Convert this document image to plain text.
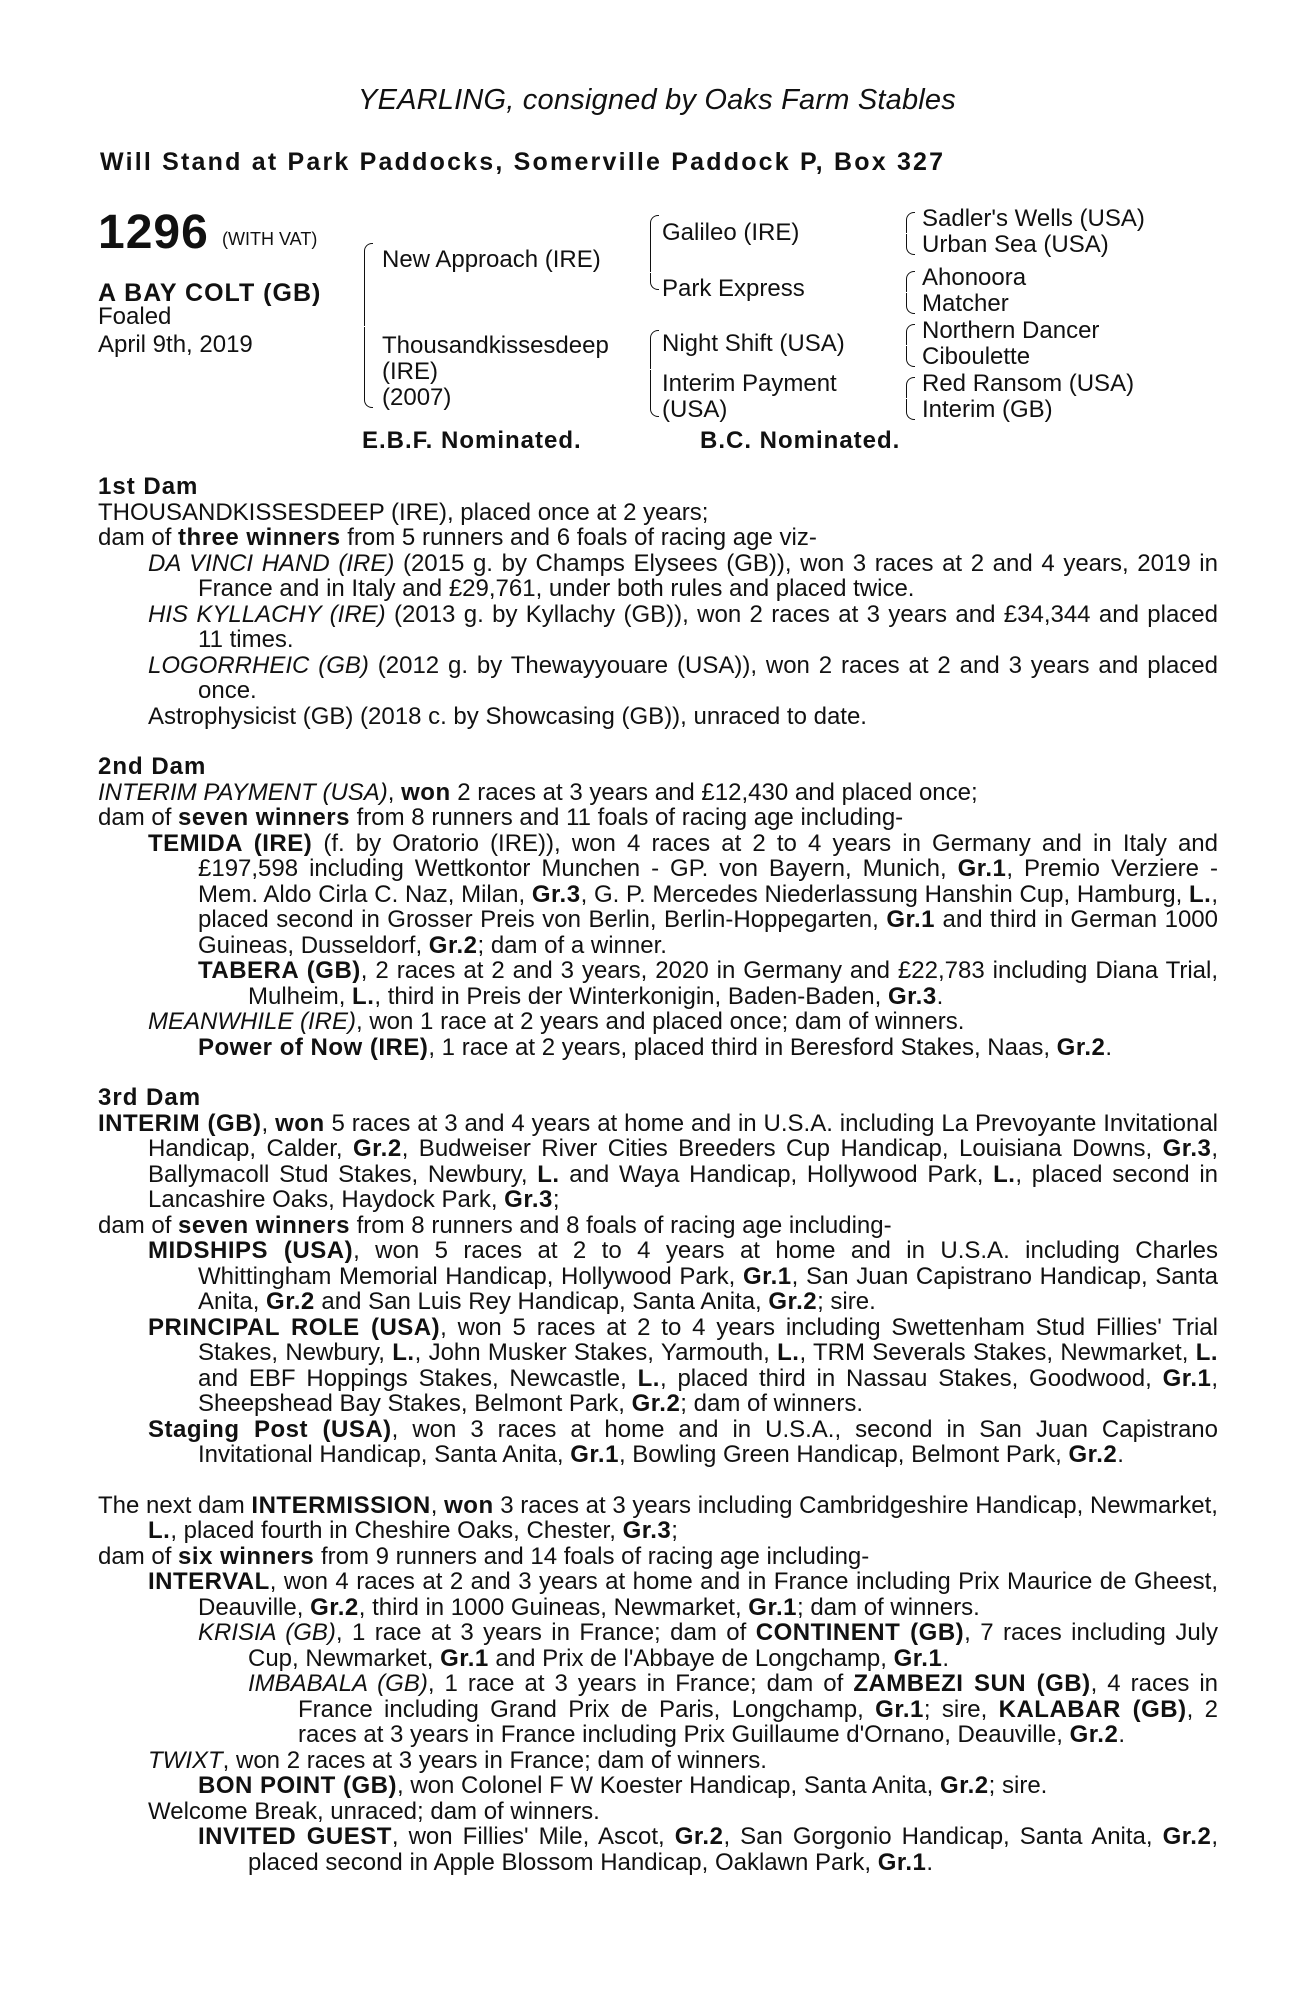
YEARLING, consigned by Oaks Farm Stables
Will Stand at Park Paddocks, Somerville Paddock P, Box 327
1296 (WITH VAT)
A BAY COLT (GB)
Foaled
April 9th, 2019
New Approach (IRE)
Thousandkissesdeep
(IRE)
(2007)
Galileo (IRE)
Park Express
Night Shift (USA)
Interim Payment
(USA)
Sadler's Wells (USA)
Urban Sea (USA)
Ahonoora
Matcher
Northern Dancer
Ciboulette
Red Ransom (USA)
Interim (GB)
E.B.F. Nominated.	B.C. Nominated.
1st Dam

THOUSANDKISSESDEEP (IRE), placed once at 2 years;

dam of three winners from 5 runners and 6 foals of racing age viz-

DA VINCI HAND (IRE) (2015 g. by Champs Elysees (GB)), won 3 races at 2 and 4 years, 2019 in France and in Italy and £29,761, under both rules and placed twice.

HIS KYLLACHY (IRE) (2013 g. by Kyllachy (GB)), won 2 races at 3 years and £34,344 and placed 11 times.

LOGORRHEIC (GB) (2012 g. by Thewayyouare (USA)), won 2 races at 2 and 3 years and placed once.

Astrophysicist (GB) (2018 c. by Showcasing (GB)), unraced to date.

2nd Dam

INTERIM PAYMENT (USA), won 2 races at 3 years and £12,430 and placed once;

dam of seven winners from 8 runners and 11 foals of racing age including-

TEMIDA (IRE) (f. by Oratorio (IRE)), won 4 races at 2 to 4 years in Germany and in Italy and £197,598 including Wettkontor Munchen - GP. von Bayern, Munich, Gr.1, Premio Verziere - Mem. Aldo Cirla C. Naz, Milan, Gr.3, G. P. Mercedes Niederlassung Hanshin Cup, Hamburg, L., placed second in Grosser Preis von Berlin, Berlin-Hoppegarten, Gr.1 and third in German 1000 Guineas, Dusseldorf, Gr.2; dam of a winner.

TABERA (GB), 2 races at 2 and 3 years, 2020 in Germany and £22,783 including Diana Trial, Mulheim, L., third in Preis der Winterkonigin, Baden-Baden, Gr.3.

MEANWHILE (IRE), won 1 race at 2 years and placed once; dam of winners.

Power of Now (IRE), 1 race at 2 years, placed third in Beresford Stakes, Naas, Gr.2.

3rd Dam

INTERIM (GB), won 5 races at 3 and 4 years at home and in U.S.A. including La Prevoyante Invitational Handicap, Calder, Gr.2, Budweiser River Cities Breeders Cup Handicap, Louisiana Downs, Gr.3, Ballymacoll Stud Stakes, Newbury, L. and Waya Handicap, Hollywood Park, L., placed second in Lancashire Oaks, Haydock Park, Gr.3;

dam of seven winners from 8 runners and 8 foals of racing age including-

MIDSHIPS (USA), won 5 races at 2 to 4 years at home and in U.S.A. including Charles Whittingham Memorial Handicap, Hollywood Park, Gr.1, San Juan Capistrano Handicap, Santa Anita, Gr.2 and San Luis Rey Handicap, Santa Anita, Gr.2; sire.

PRINCIPAL ROLE (USA), won 5 races at 2 to 4 years including Swettenham Stud Fillies' Trial Stakes, Newbury, L., John Musker Stakes, Yarmouth, L., TRM Severals Stakes, Newmarket, L. and EBF Hoppings Stakes, Newcastle, L., placed third in Nassau Stakes, Goodwood, Gr.1, Sheepshead Bay Stakes, Belmont Park, Gr.2; dam of winners.

Staging Post (USA), won 3 races at home and in U.S.A., second in San Juan Capistrano Invitational Handicap, Santa Anita, Gr.1, Bowling Green Handicap, Belmont Park, Gr.2.

The next dam INTERMISSION, won 3 races at 3 years including Cambridgeshire Handicap, Newmarket, L., placed fourth in Cheshire Oaks, Chester, Gr.3;

dam of six winners from 9 runners and 14 foals of racing age including-

INTERVAL, won 4 races at 2 and 3 years at home and in France including Prix Maurice de Gheest, Deauville, Gr.2, third in 1000 Guineas, Newmarket, Gr.1; dam of winners.

KRISIA (GB), 1 race at 3 years in France; dam of CONTINENT (GB), 7 races including July Cup, Newmarket, Gr.1 and Prix de l'Abbaye de Longchamp, Gr.1.

IMBABALA (GB), 1 race at 3 years in France; dam of ZAMBEZI SUN (GB), 4 races in France including Grand Prix de Paris, Longchamp, Gr.1; sire, KALABAR (GB), 2 races at 3 years in France including Prix Guillaume d'Ornano, Deauville, Gr.2.

TWIXT, won 2 races at 3 years in France; dam of winners.

BON POINT (GB), won Colonel F W Koester Handicap, Santa Anita, Gr.2; sire.

Welcome Break, unraced; dam of winners.

INVITED GUEST, won Fillies' Mile, Ascot, Gr.2, San Gorgonio Handicap, Santa Anita, Gr.2, placed second in Apple Blossom Handicap, Oaklawn Park, Gr.1.
